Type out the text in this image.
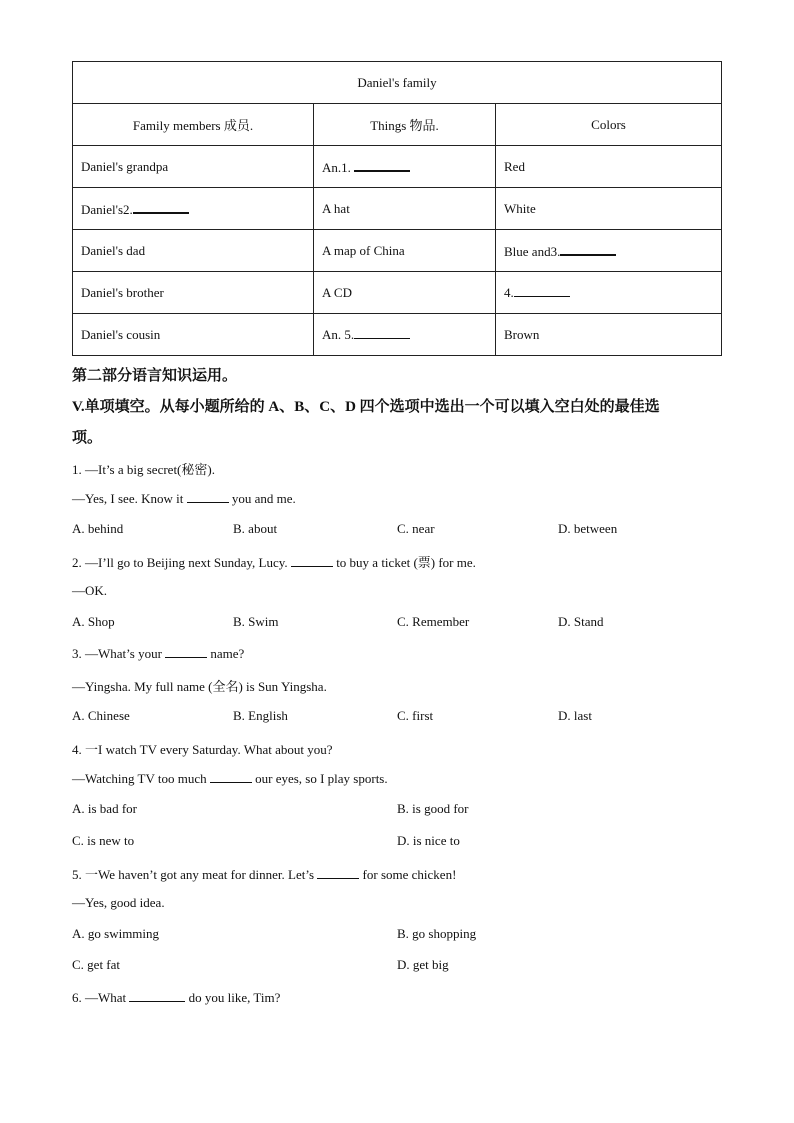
Daniel's family		
Family members 成员.	Things 物品.	Colors
Daniel's grandpa	An.1.	Red
Daniel's2.	A hat	White
Daniel's dad	A map of China	Blue and3.
Daniel's brother	A CD	4.
Daniel's cousin	An. 5.	Brown
第二部分语言知识运用。
V.单项填空。从每小题所给的 A、B、C、D 四个选项中选出一个可以填入空白处的最佳选
项。
1. —It’s a big secret(秘密).
—Yes, I see. Know it	you and me.
A. behind	B. about	C. near	D. between
2. —I’ll go to Beijing next Sunday, Lucy.	to buy a ticket (票) for me.
—OK.
A. Shop	B. Swim	C. Remember	D. Stand
3. —What’s your	name?
—Yingsha. My full name (全名) is Sun Yingsha.
A. Chinese	B. English	C. first	D. last
4. 一I watch TV every Saturday. What about you?
—Watching TV too much	our eyes, so I play sports.
A. is bad for	B. is good for
C. is new to	D. is nice to
5. 一We haven’t got any meat for dinner. Let’s	for some chicken!
—Yes, good idea.
A. go swimming	B. go shopping
C. get fat	D. get big
6. —What	do you like, Tim?
